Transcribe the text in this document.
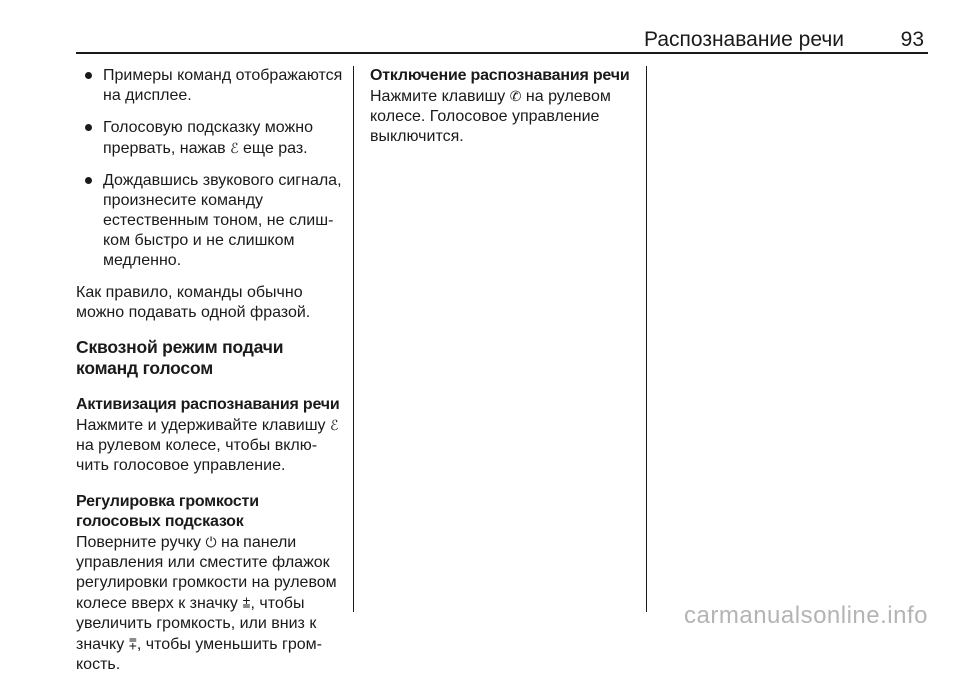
Распознавание речи	93
Примеры команд отображаются на дисплее.
Голосовую подсказку можно прервать, нажав ℰ еще раз.
Дождавшись звукового сигнала, произнесите команду естественным тоном, не слишком быстро и не слишком медленно.

Как правило, команды обычно можно подавать одной фразой.

Сквозной режим подачи команд голосом
Активизация распознавания речи

Нажмите и удерживайте клавишу ℰ на рулевом колесе, чтобы включить голосовое управление.

Регулировка громкости голосовых подсказок

Поверните ручку ⏻ на панели управления или сместите флажок регулировки громкости на рулевом колесе вверх к значку ⩲, чтобы увеличить громкость, или вниз к значку ⩱, чтобы уменьшить громкость.

Отключение распознавания речи

Нажмите клавишу ✆ на рулевом колесе. Голосовое управление выключится.

carmanualsonline.info
